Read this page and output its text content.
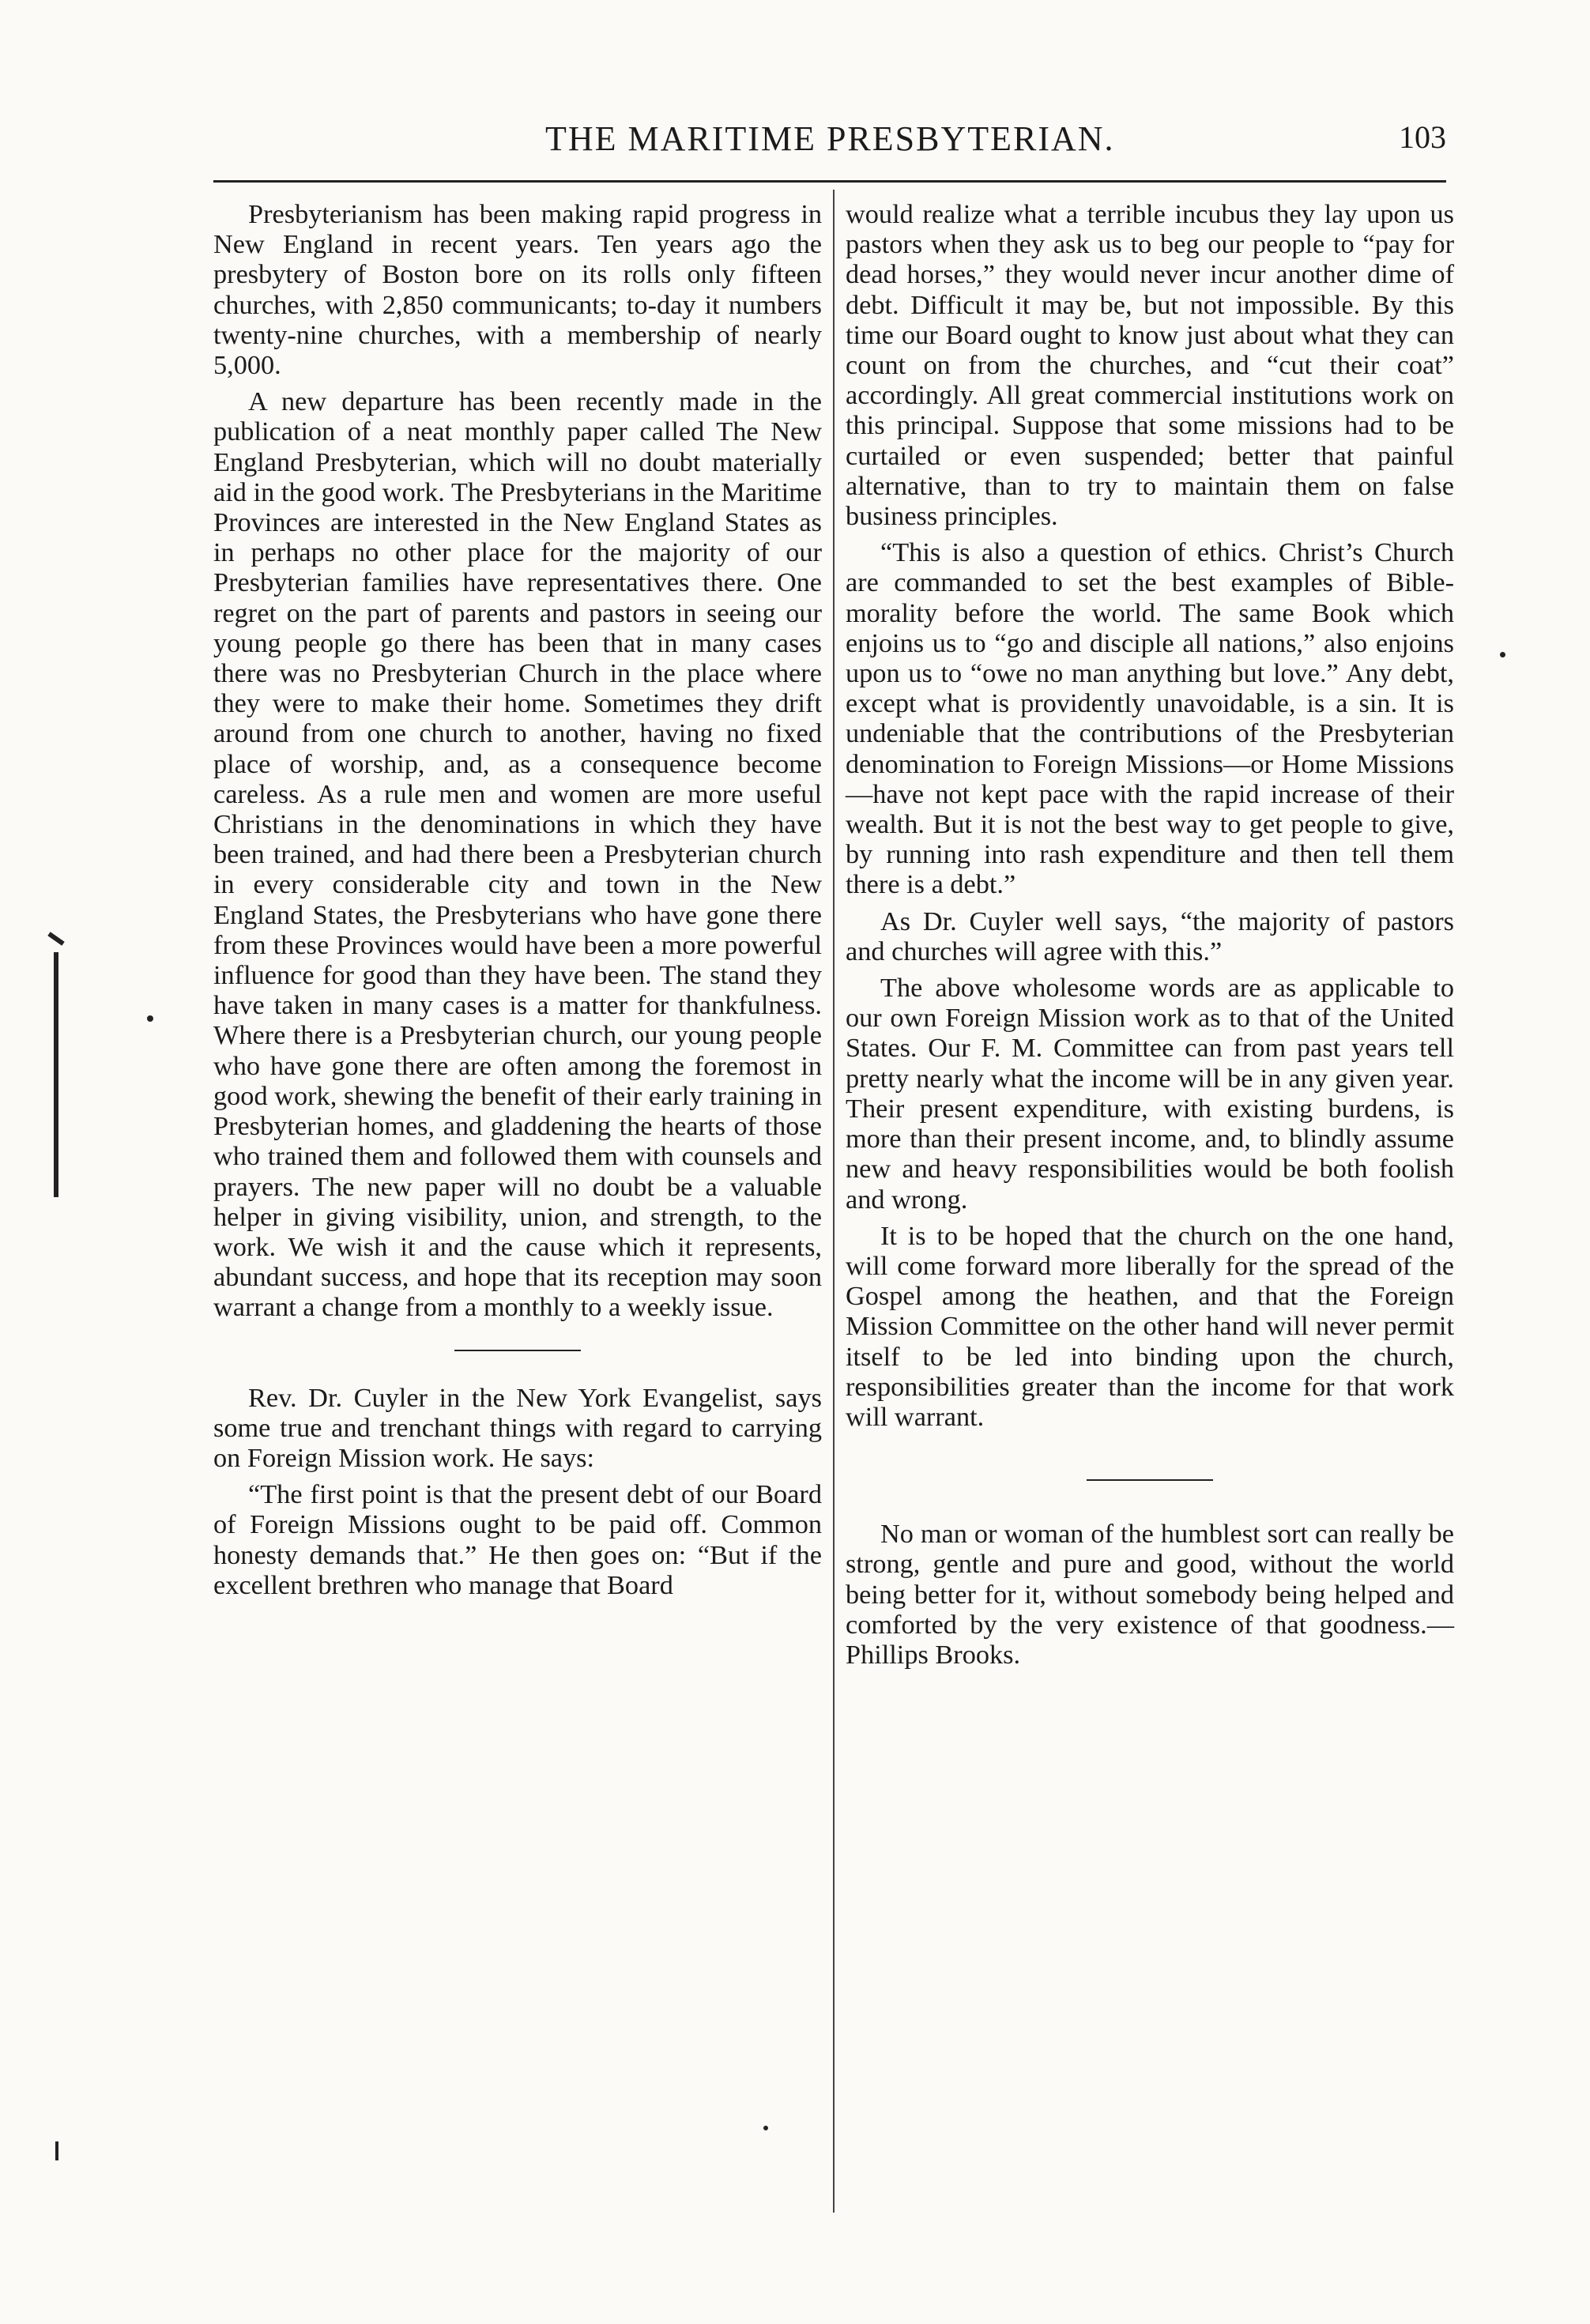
THE MARITIME PRESBYTERIAN.	103

Presbyterianism has been making rapid progress in New England in recent years. Ten years ago the presbytery of Boston bore on its rolls only fifteen churches, with 2,850 communicants; to-day it numbers twenty-nine churches, with a membership of nearly 5,000.

A new departure has been recently made in the publication of a neat monthly paper called The New England Presbyterian, which will no doubt materially aid in the good work. The Presbyterians in the Maritime Provinces are interested in the New England States as in perhaps no other place for the majority of our Presbyterian families have representatives there. One regret on the part of parents and pastors in seeing our young people go there has been that in many cases there was no Presbyterian Church in the place where they were to make their home. Sometimes they drift around from one church to another, having no fixed place of worship, and, as a consequence become careless. As a rule men and women are more useful Christians in the denominations in which they have been trained, and had there been a Presbyterian church in every considerable city and town in the New England States, the Presbyterians who have gone there from these Provinces would have been a more powerful influence for good than they have been. The stand they have taken in many cases is a matter for thankfulness. Where there is a Presbyterian church, our young people who have gone there are often among the foremost in good work, shewing the benefit of their early training in Presbyterian homes, and gladdening the hearts of those who trained them and followed them with counsels and prayers. The new paper will no doubt be a valuable helper in giving visibility, union, and strength, to the work. We wish it and the cause which it represents, abundant success, and hope that its reception may soon warrant a change from a monthly to a weekly issue.

Rev. Dr. Cuyler in the New York Evangelist, says some true and trenchant things with regard to carrying on Foreign Mission work. He says:

“The first point is that the present debt of our Board of Foreign Missions ought to be paid off. Common honesty demands that.” He then goes on: “But if the excellent brethren who manage that Board

would realize what a terrible incubus they lay upon us pastors when they ask us to beg our people to “pay for dead horses,” they would never incur another dime of debt. Difficult it may be, but not impossible. By this time our Board ought to know just about what they can count on from the churches, and “cut their coat” accordingly. All great commercial institutions work on this principal. Suppose that some missions had to be curtailed or even suspended; better that painful alternative, than to try to maintain them on false business principles.

“This is also a question of ethics. Christ’s Church are commanded to set the best examples of Bible-morality before the world. The same Book which enjoins us to “go and disciple all nations,” also enjoins upon us to “owe no man anything but love.” Any debt, except what is providently unavoidable, is a sin. It is undeniable that the contributions of the Presbyterian denomination to Foreign Missions—or Home Missions—have not kept pace with the rapid increase of their wealth. But it is not the best way to get people to give, by running into rash expenditure and then tell them there is a debt.”

As Dr. Cuyler well says, “the majority of pastors and churches will agree with this.”

The above wholesome words are as applicable to our own Foreign Mission work as to that of the United States. Our F. M. Committee can from past years tell pretty nearly what the income will be in any given year. Their present expenditure, with existing burdens, is more than their present income, and, to blindly assume new and heavy responsibilities would be both foolish and wrong.

It is to be hoped that the church on the one hand, will come forward more liberally for the spread of the Gospel among the heathen, and that the Foreign Mission Committee on the other hand will never permit itself to be led into binding upon the church, responsibilities greater than the income for that work will warrant.

No man or woman of the humblest sort can really be strong, gentle and pure and good, without the world being better for it, without somebody being helped and comforted by the very existence of that goodness.—Phillips Brooks.
